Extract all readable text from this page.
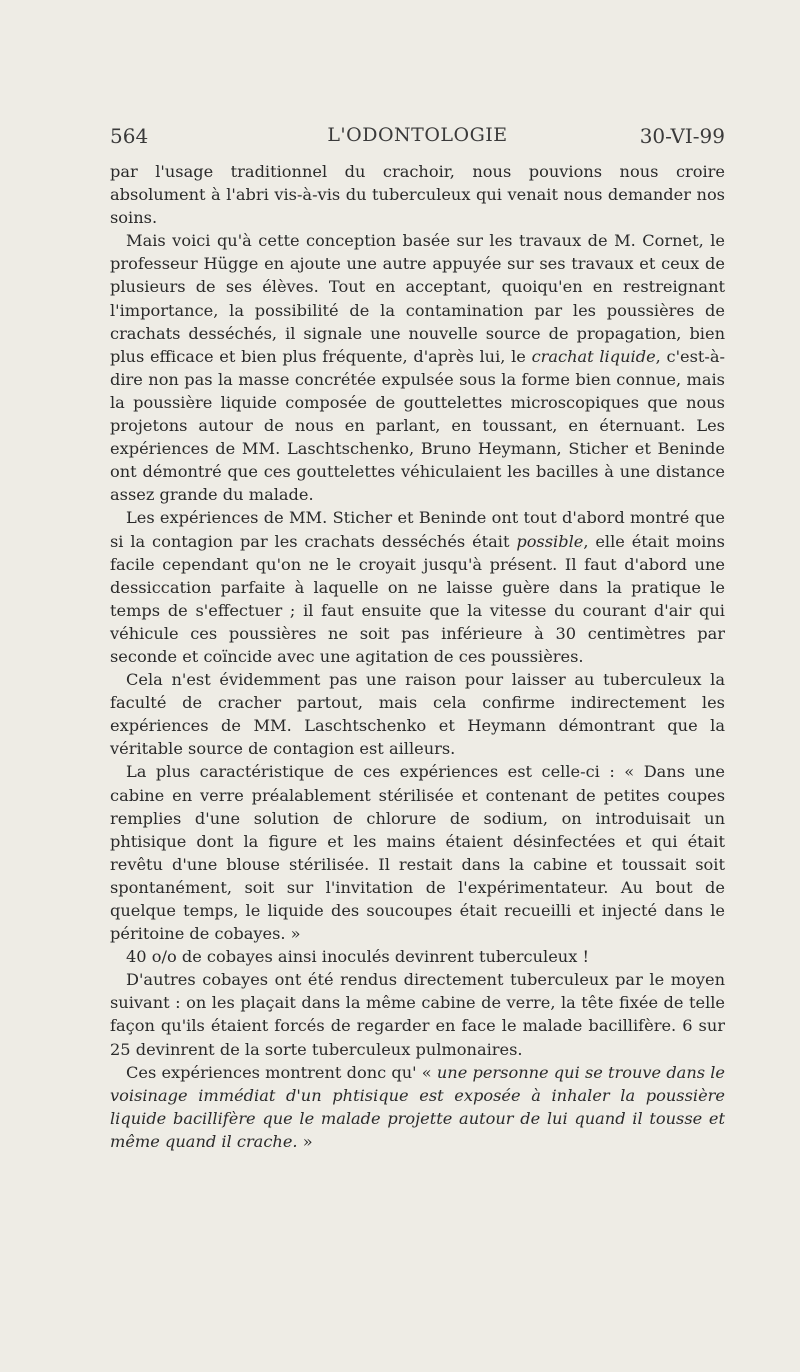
564	L'ODONTOLOGIE	30-VI-99

par l'usage traditionnel du crachoir, nous pouvions nous croire absolument à l'abri vis-à-vis du tuberculeux qui venait nous demander nos soins.

Mais voici qu'à cette conception basée sur les travaux de M. Cornet, le professeur Hügge en ajoute une autre appuyée sur ses travaux et ceux de plusieurs de ses élèves. Tout en acceptant, quoiqu'en en restreignant l'importance, la possibilité de la contamination par les poussières de crachats desséchés, il signale une nouvelle source de propagation, bien plus efficace et bien plus fréquente, d'après lui, le crachat liquide, c'est-à-dire non pas la masse concrétée expulsée sous la forme bien connue, mais la poussière liquide composée de gouttelettes microscopiques que nous projetons autour de nous en parlant, en toussant, en éternuant. Les expériences de MM. Laschtschenko, Bruno Heymann, Sticher et Beninde ont démontré que ces gouttelettes véhiculaient les bacilles à une distance assez grande du malade.

Les expériences de MM. Sticher et Beninde ont tout d'abord montré que si la contagion par les crachats desséchés était possible, elle était moins facile cependant qu'on ne le croyait jusqu'à présent. Il faut d'abord une dessiccation parfaite à laquelle on ne laisse guère dans la pratique le temps de s'effectuer ; il faut ensuite que la vitesse du courant d'air qui véhicule ces poussières ne soit pas inférieure à 30 centimètres par seconde et coïncide avec une agitation de ces poussières.

Cela n'est évidemment pas une raison pour laisser au tuberculeux la faculté de cracher partout, mais cela confirme indirectement les expériences de MM. Laschtschenko et Heymann démontrant que la véritable source de contagion est ailleurs.

La plus caractéristique de ces expériences est celle-ci : « Dans une cabine en verre préalablement stérilisée et contenant de petites coupes remplies d'une solution de chlorure de sodium, on introduisait un phtisique dont la figure et les mains étaient désinfectées et qui était revêtu d'une blouse stérilisée. Il restait dans la cabine et toussait soit spontanément, soit sur l'invitation de l'expérimentateur. Au bout de quelque temps, le liquide des soucoupes était recueilli et injecté dans le péritoine de cobayes. »

40 o/o de cobayes ainsi inoculés devinrent tuberculeux !

D'autres cobayes ont été rendus directement tuberculeux par le moyen suivant : on les plaçait dans la même cabine de verre, la tête fixée de telle façon qu'ils étaient forcés de regarder en face le malade bacillifère. 6 sur 25 devinrent de la sorte tuberculeux pulmonaires.

Ces expériences montrent donc qu' « une personne qui se trouve dans le voisinage immédiat d'un phtisique est exposée à inhaler la poussière liquide bacillifère que le malade projette autour de lui quand il tousse et même quand il crache. »
